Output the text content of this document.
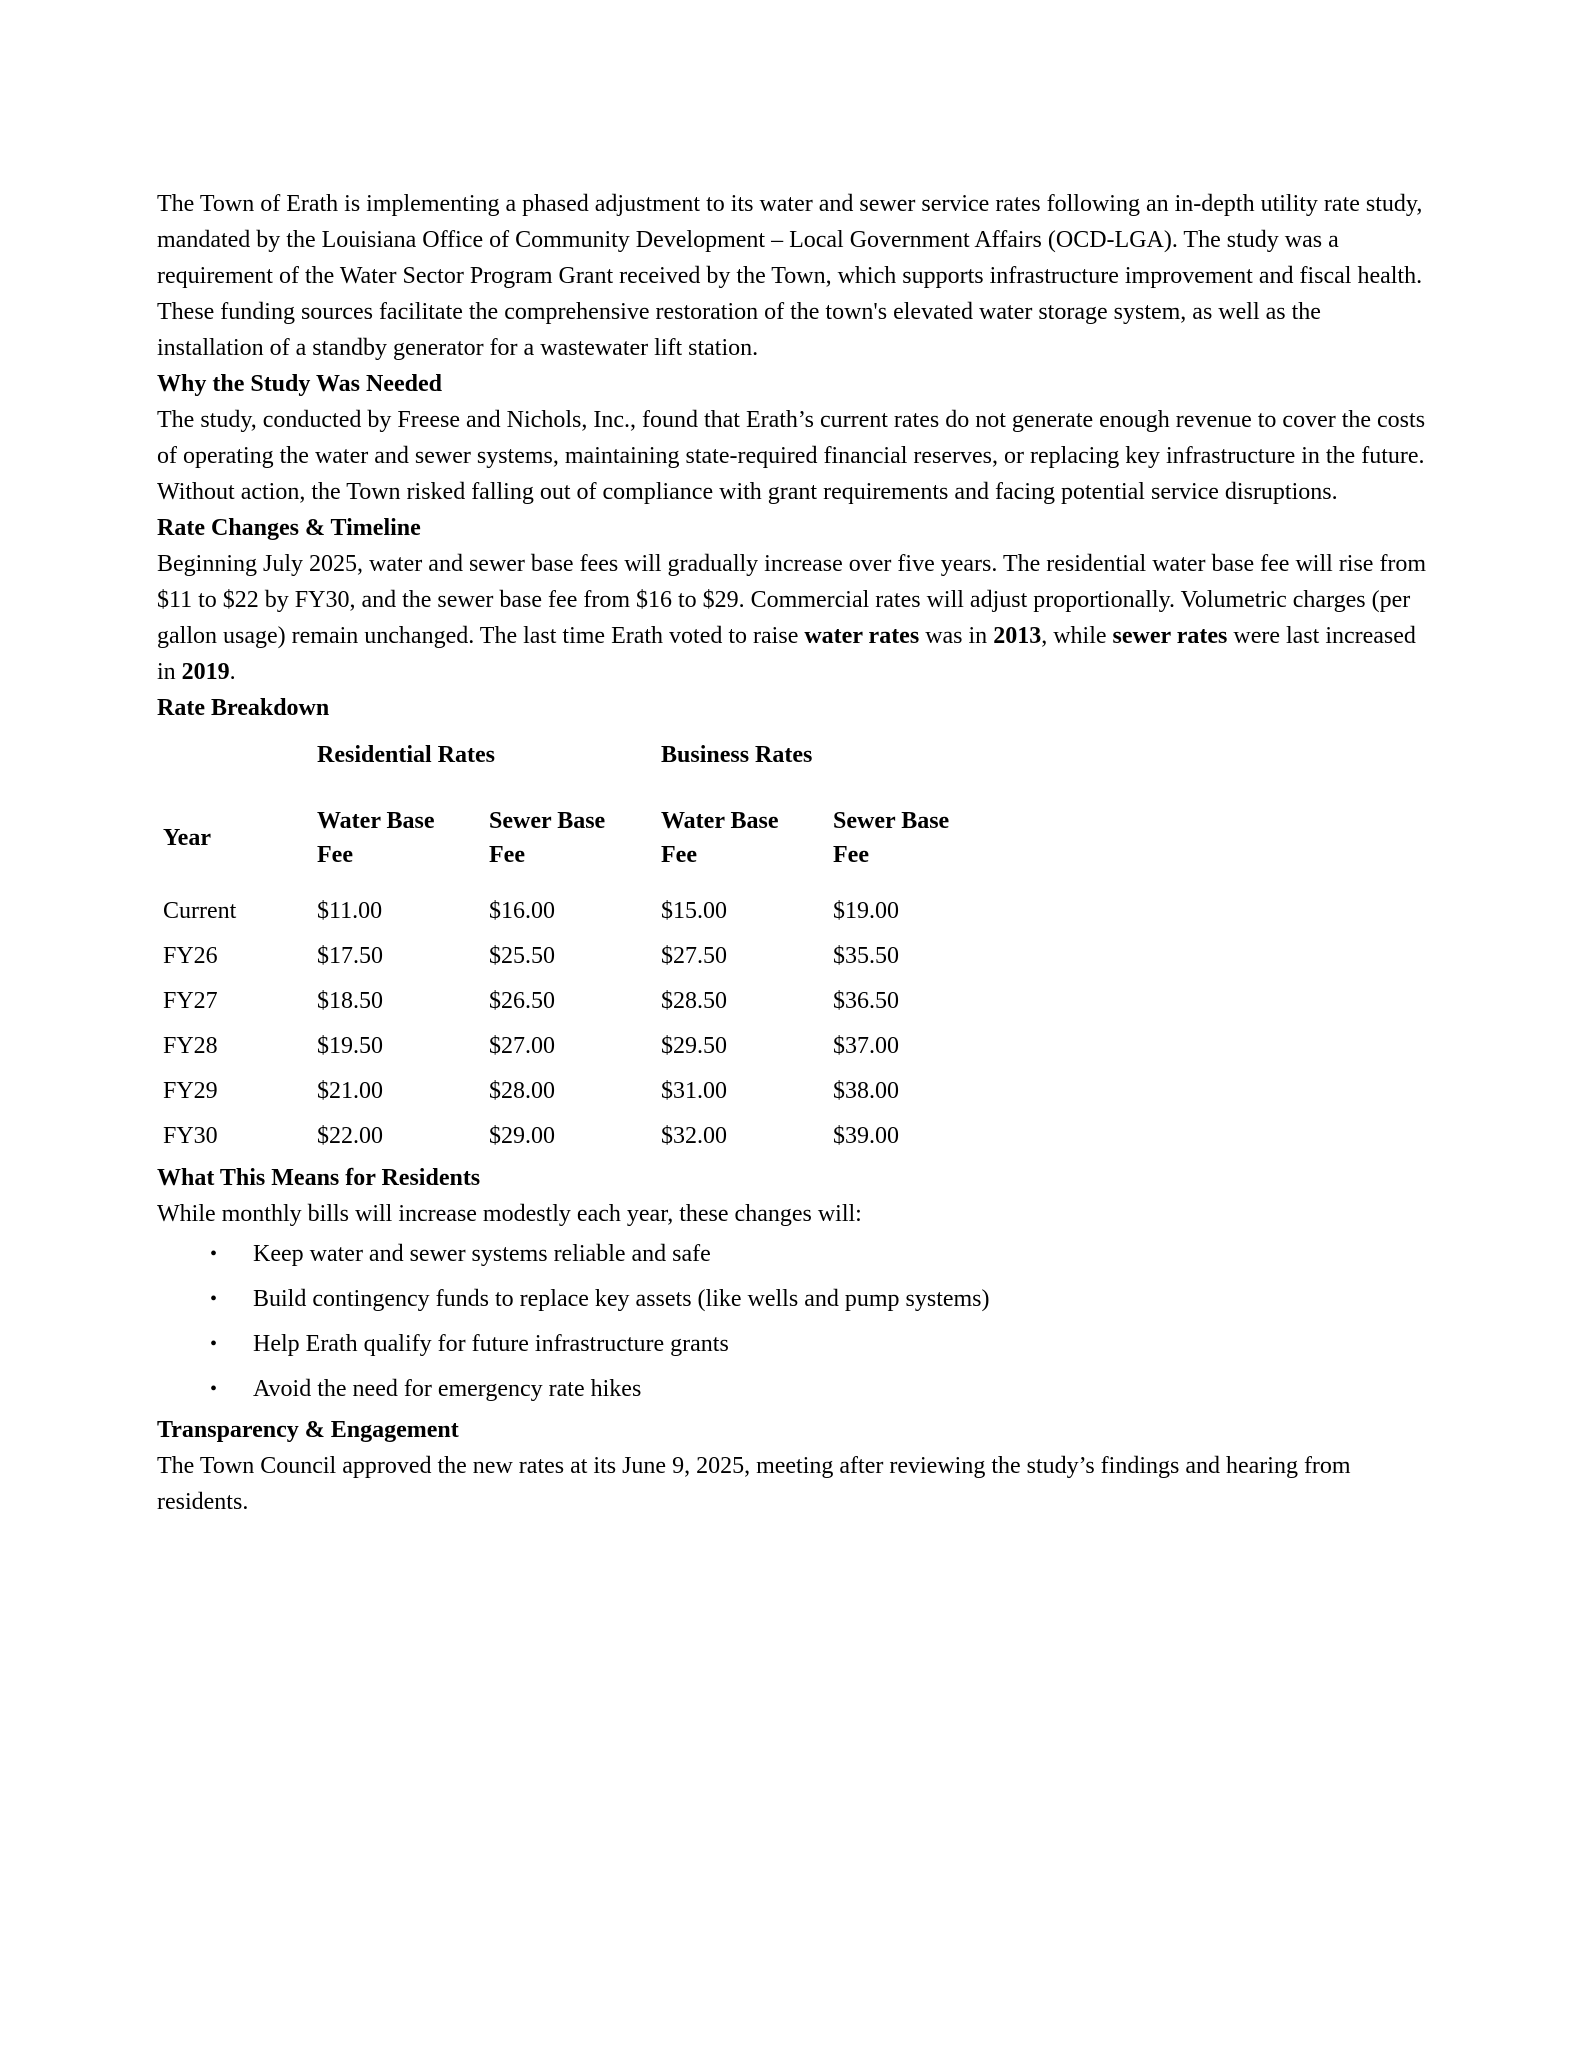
The Town of Erath is implementing a phased adjustment to its water and sewer service rates following an in-depth utility rate study, mandated by the Louisiana Office of Community Development – Local Government Affairs (OCD-LGA). The study was a requirement of the Water Sector Program Grant received by the Town, which supports infrastructure improvement and fiscal health.  These funding sources facilitate the comprehensive restoration of the town's elevated water storage system, as well as the installation of a standby generator for a wastewater lift station.

Why the Study Was Needed

The study, conducted by Freese and Nichols, Inc., found that Erath’s current rates do not generate enough revenue to cover the costs of operating the water and sewer systems, maintaining state-required financial reserves, or replacing key infrastructure in the future. Without action, the Town risked falling out of compliance with grant requirements and facing potential service disruptions.

Rate Changes & Timeline

Beginning July 2025, water and sewer base fees will gradually increase over five years. The residential water base fee will rise from $11 to $22 by FY30, and the sewer base fee from $16 to $29. Commercial rates will adjust proportionally. Volumetric charges (per gallon usage) remain unchanged. The last time Erath voted to raise water rates was in 2013, while sewer rates were last increased in 2019.

Rate Breakdown
	Residential Rates		Business Rates	
Year	Water Base Fee	Sewer Base Fee	Water Base Fee	Sewer Base Fee
Current	$11.00	$16.00	$15.00	$19.00
FY26	$17.50	$25.50	$27.50	$35.50
FY27	$18.50	$26.50	$28.50	$36.50
FY28	$19.50	$27.00	$29.50	$37.00
FY29	$21.00	$28.00	$31.00	$38.00
FY30	$22.00	$29.00	$32.00	$39.00
What This Means for Residents

While monthly bills will increase modestly each year, these changes will:

• Keep water and sewer systems reliable and safe
• Build contingency funds to replace key assets (like wells and pump systems)
• Help Erath qualify for future infrastructure grants
• Avoid the need for emergency rate hikes
Transparency & Engagement

The Town Council approved the new rates at its June 9, 2025, meeting after reviewing the study’s findings and hearing from residents.
